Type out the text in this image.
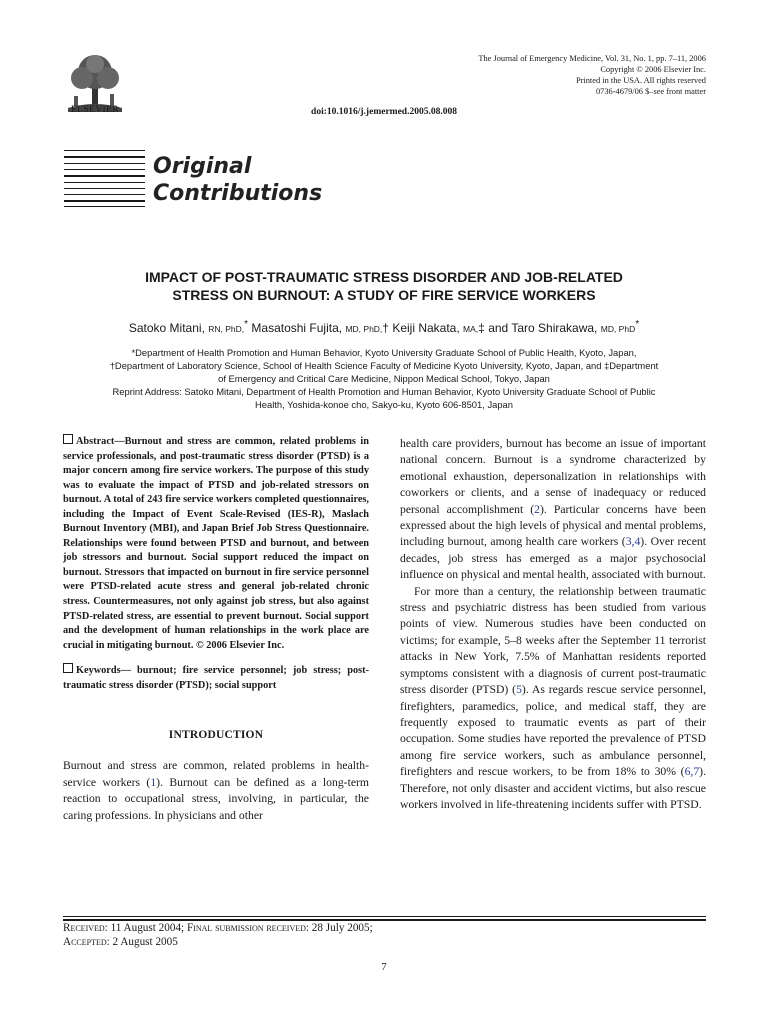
ELSEVIER
The Journal of Emergency Medicine, Vol. 31, No. 1, pp. 7–11, 2006
Copyright © 2006 Elsevier Inc.
Printed in the USA. All rights reserved
0736-4679/06 $–see front matter
doi:10.1016/j.jemermed.2005.08.008
Original
Contributions
IMPACT OF POST-TRAUMATIC STRESS DISORDER AND JOB-RELATED
STRESS ON BURNOUT: A STUDY OF FIRE SERVICE WORKERS
Satoko Mitani, RN, PhD,* Masatoshi Fujita, MD, PhD,† Keiji Nakata, MA,‡ and Taro Shirakawa, MD, PhD*
*Department of Health Promotion and Human Behavior, Kyoto University Graduate School of Public Health, Kyoto, Japan,
†Department of Laboratory Science, School of Health Science Faculty of Medicine Kyoto University, Kyoto, Japan, and ‡Department
of Emergency and Critical Care Medicine, Nippon Medical School, Tokyo, Japan
Reprint Address: Satoko Mitani, Department of Health Promotion and Human Behavior, Kyoto University Graduate School of Public
Health, Yoshida-konoe cho, Sakyo-ku, Kyoto 606-8501, Japan

Abstract—Burnout and stress are common, related problems in service professionals, and post-traumatic stress disorder (PTSD) is a major concern among fire service workers. The purpose of this study was to evaluate the impact of PTSD and job-related stressors on burnout. A total of 243 fire service workers completed questionnaires, including the Impact of Event Scale-Revised (IES-R), Maslach Burnout Inventory (MBI), and Japan Brief Job Stress Questionnaire. Relationships were found between PTSD and burnout, and between job stressors and burnout. Social support reduced the impact on burnout. Stressors that impacted on burnout in fire service personnel were PTSD-related acute stress and general job-related chronic stress. Countermeasures, not only against job stress, but also against PTSD-related stress, are essential to prevent burnout. Social support and the development of human relationships in the work place are crucial in mitigating burnout. © 2006 Elsevier Inc.

Keywords— burnout; fire service personnel; job stress; post-traumatic stress disorder (PTSD); social support

INTRODUCTION

Burnout and stress are common, related problems in health-service workers (1). Burnout can be defined as a long-term reaction to occupational stress, involving, in particular, the caring professions. In physicians and other

health care providers, burnout has become an issue of important national concern. Burnout is a syndrome characterized by emotional exhaustion, depersonalization in relationships with coworkers or clients, and a sense of inadequacy or reduced personal accomplishment (2). Particular concerns have been expressed about the high levels of physical and mental problems, including burnout, among health care workers (3,4). Over recent decades, job stress has emerged as a major psychosocial influence on physical and mental health, associated with burnout.

For more than a century, the relationship between traumatic stress and psychiatric distress has been studied from various points of view. Numerous studies have been conducted on victims; for example, 5–8 weeks after the September 11 terrorist attacks in New York, 7.5% of Manhattan residents reported symptoms consistent with a diagnosis of current post-traumatic stress disorder (PTSD) (5). As regards rescue service personnel, firefighters, paramedics, police, and medical staff, they are frequently exposed to traumatic events as part of their occupation. Some studies have reported the prevalence of PTSD among fire service workers, such as ambulance personnel, firefighters and rescue workers, to be from 18% to 30% (6,7). Therefore, not only disaster and accident victims, but also rescue workers involved in life-threatening incidents suffer with PTSD.

Received: 11 August 2004; Final submission received: 28 July 2005;
Accepted: 2 August 2005
7
